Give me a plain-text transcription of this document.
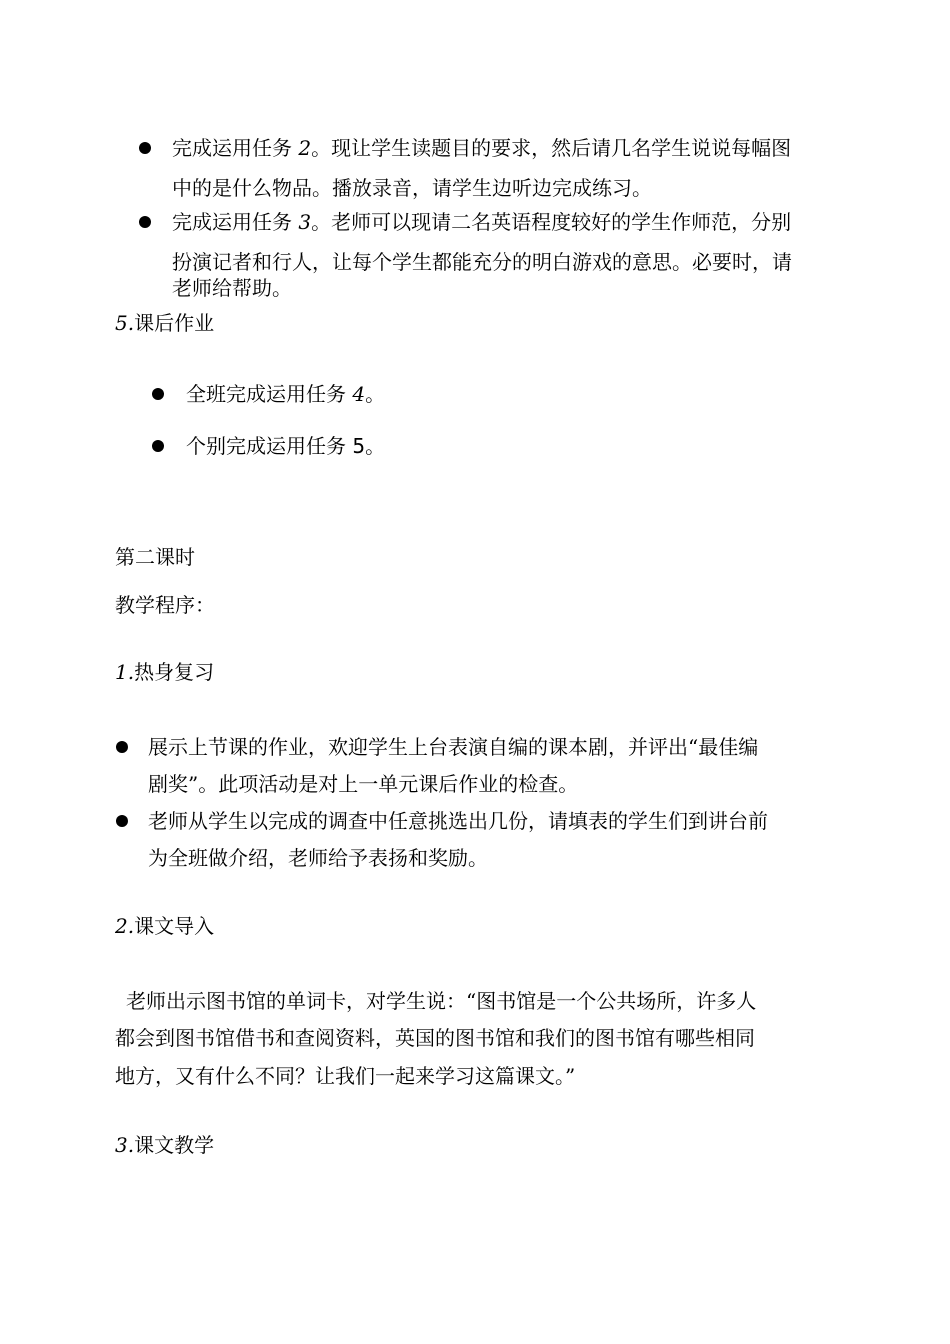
完成运用任务 2。现让学生读题目的要求，然后请几名学生说说每幅图
中的是什么物品。播放录音，请学生边听边完成练习。
完成运用任务 3。老师可以现请二名英语程度较好的学生作师范，分别
扮演记者和行人，让每个学生都能充分的明白游戏的意思。必要时，请
老师给帮助。
5.课后作业
全班完成运用任务 4。
个别完成运用任务 5。
第二课时
教学程序：
1.热身复习
展示上节课的作业，欢迎学生上台表演自编的课本剧，并评出“最佳编
剧奖”。此项活动是对上一单元课后作业的检查。
老师从学生以完成的调查中任意挑选出几份，请填表的学生们到讲台前
为全班做介绍，老师给予表扬和奖励。
2.课文导入
老师出示图书馆的单词卡，对学生说：“图书馆是一个公共场所，许多人
都会到图书馆借书和查阅资料，英国的图书馆和我们的图书馆有哪些相同
地方，又有什么不同？让我们一起来学习这篇课文。”
3.课文教学
